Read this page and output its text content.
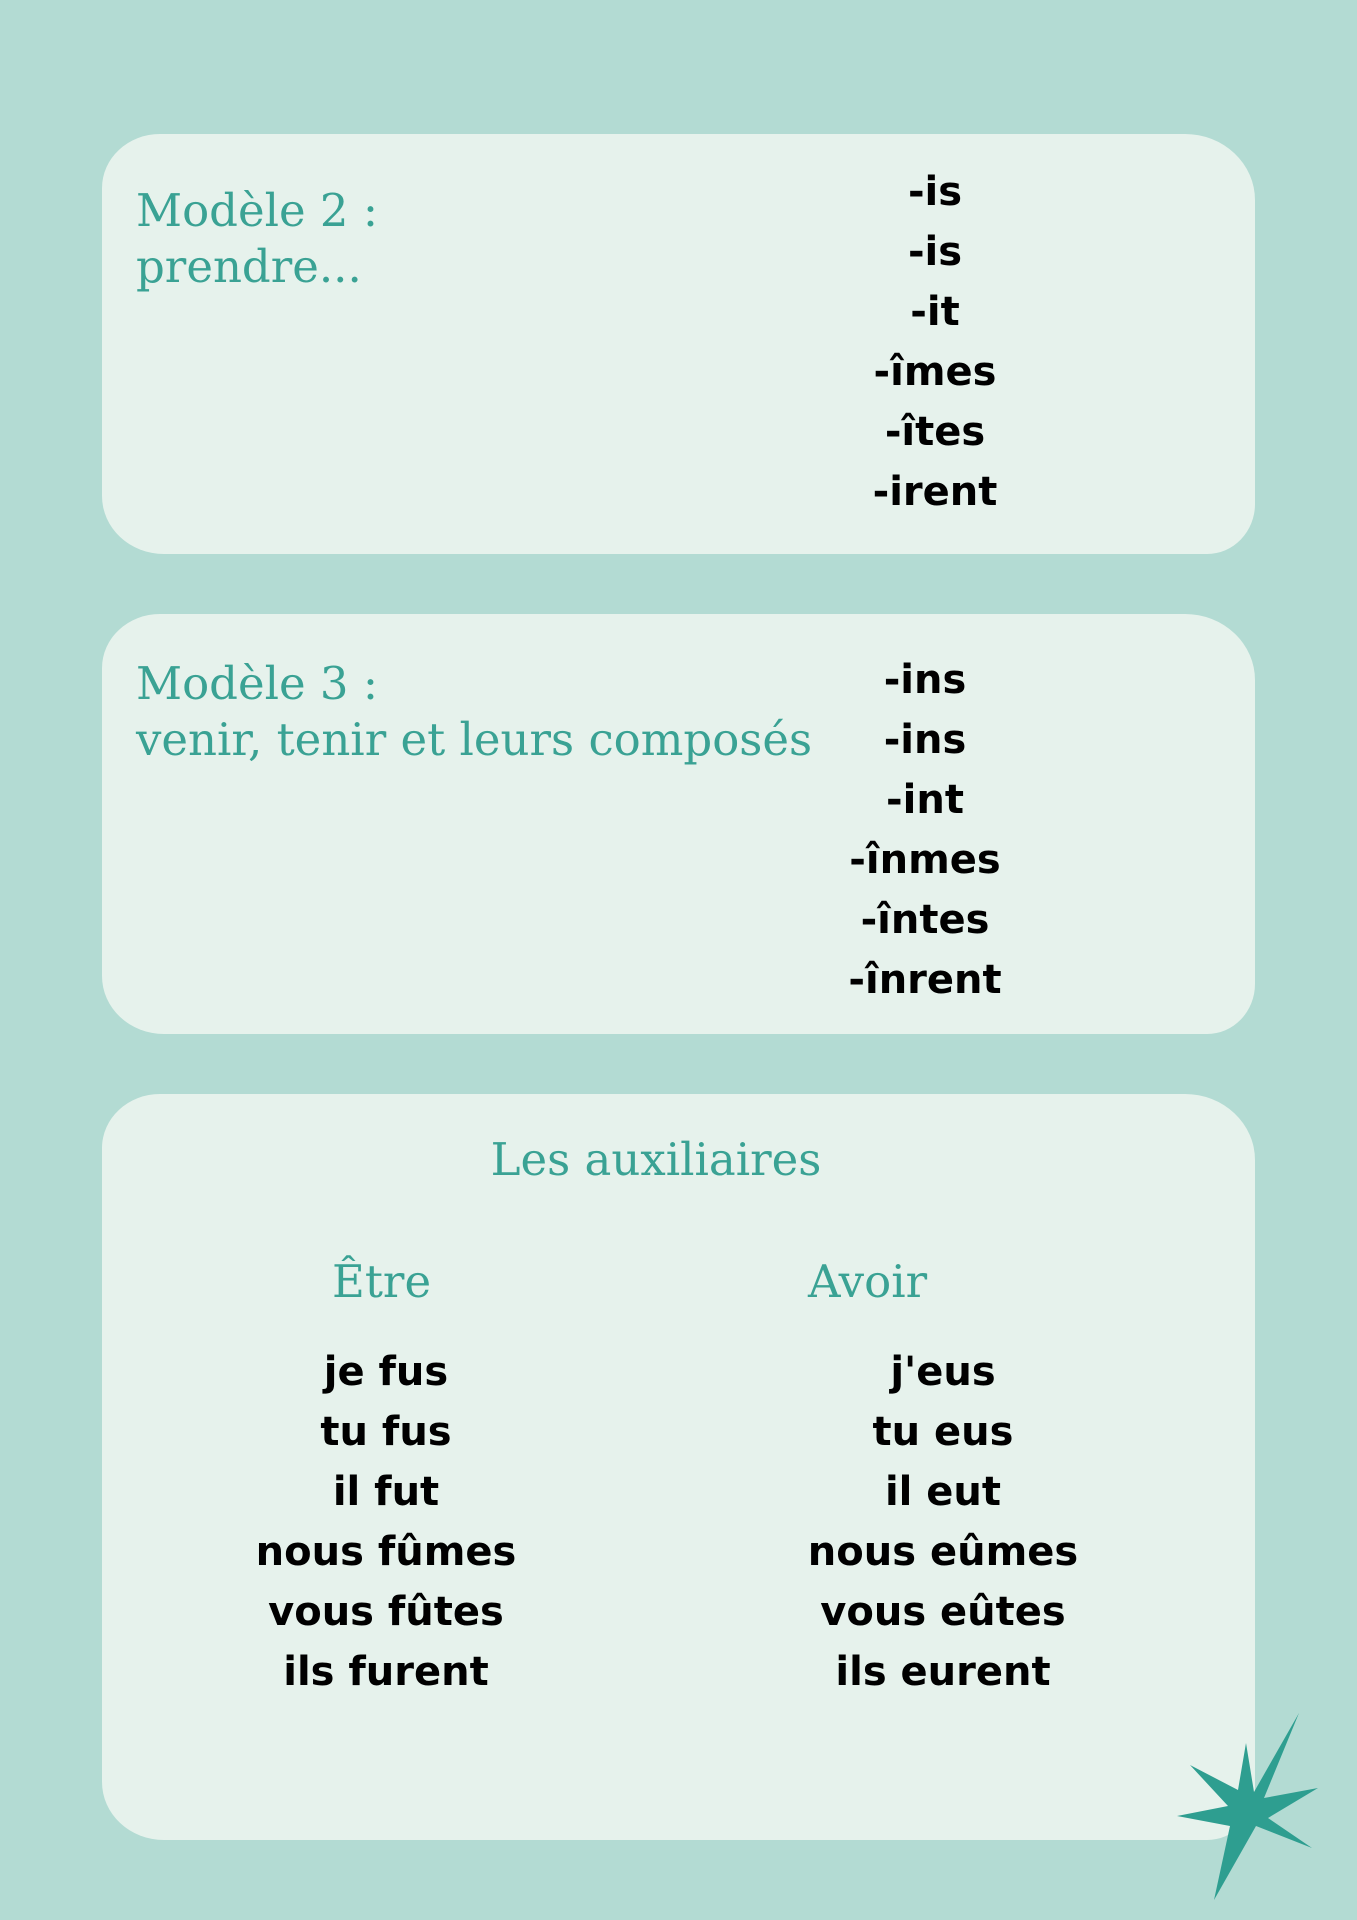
Modèle 2 :
prendre...
-is
-is
-it
-îmes
-îtes
-irent
Modèle 3 :
venir, tenir et leurs composés
-ins
-ins
-int
-înmes
-întes
-înrent
Les auxiliaires
Être	Avoir
je fus
tu fus
il fut
nous fûmes
vous fûtes
ils furent
j'eus
tu eus
il eut
nous eûmes
vous eûtes
ils eurent
